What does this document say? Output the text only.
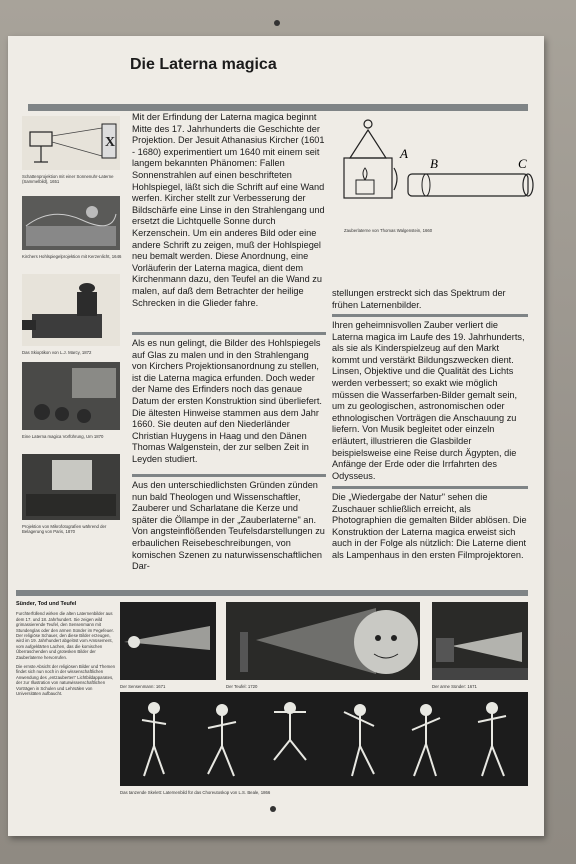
Die Laterna magica
X
Schattenprojektion mit einer Sonnenuhr-Laterne (Sammelbild), 1651
Kirchers Hohlspiegelprojektion mit Kerzenlicht, 1646
Das Skioptikon von L.J. Marcy, 1872
Eine Laterna magica Vorführung, Um 1870
Projektion von Mikrofotografien während der Belagerung von Paris, 1870

Mit der Erfindung der Laterna magica beginnt Mitte des 17. Jahrhunderts die Geschichte der Projektion. Der Jesuit Athanasius Kircher (1601 - 1680) experimentiert um 1640 mit einem seit langem bekannten Phänomen: Fallen Sonnenstrahlen auf einen beschrifteten Hohlspiegel, läßt sich die Schrift auf eine Wand werfen. Kircher stellt zur Verbesserung der Bildschärfe eine Linse in den Strahlengang und ersetzt die Lichtquelle Sonne durch Kerzenschein. Um ein anderes Bild oder eine andere Schrift zu zeigen, muß der Hohlspiegel neu bemalt werden. Diese Anordnung, eine Vorläuferin der Laterna magica, dient dem Kirchenmann dazu, den Teufel an die Wand zu malen, auf daß dem Betrachter der heilige Schrecken in die Glieder fahre.

Als es nun gelingt, die Bilder des Hohlspiegels auf Glas zu malen und in den Strahlengang von Kirchers Projektionsanordnung zu stellen, ist die Laterna magica erfunden. Doch weder der Name des Erfinders noch das genaue Datum der ersten Konstruktion sind überliefert. Die ältesten Hinweise stammen aus dem Jahr 1660. Sie deuten auf den Niederländer Christian Huygens in Haag und den Dänen Thomas Walgenstein, der zur selben Zeit in Leyden studiert.

Aus den unterschiedlichsten Gründen zünden nun bald Theologen und Wissenschaftler, Zauberer und Scharlatane die Kerze und später die Öllampe in der „Zauberlaterne" an. Von angsteinflößenden Teufelsdarstellungen zu erbaulichen Reisebeschreibungen, von komischen Szenen zu naturwissenschaftlichen Dar-

A
B	C
Zauberlaterne von Thomas Walgenstein, 1660

stellungen erstreckt sich das Spektrum der frühen Laternenbilder.

Ihren geheimnisvollen Zauber verliert die Laterna magica im Laufe des 19. Jahrhunderts, als sie als Kinderspielzeug auf den Markt kommt und verstärkt Bildungszwecken dient. Linsen, Objektive und die Qualität des Lichts werden verbessert; so exakt wie möglich müssen die Wasserfarben-Bilder gemalt sein, um zu geologischen, astronomischen oder ethnologischen Vorträgen die Anschauung zu liefern. Von Musik begleitet oder einzeln erläutert, illustrieren die Glasbilder beispielsweise eine Reise durch Ägypten, die Anfänge der Erde oder die Irrfahrten des Odysseus.

Die „Wiedergabe der Natur" sehen die Zuschauer schließlich erreicht, als Photographien die gemalten Bilder ablösen. Die Konstruktion der Laterna magica erweist sich auch in der Folge als nützlich: Die Laterne dient als Lampenhaus in den ersten Filmprojektoren.

Sünder, Tod und Teufel

Furchterfüllend wirken die alten Laternenbilder aus dem 17. und 18. Jahrhundert. Sie zeigen wild grimassierende Teufel, den Sensenmann mit Stundenglas oder den armen Sünder im Fegefeuer. Der religiöse Schauer, den diese Bilder erzeugen, wird im 19. Jahrhundert abgelöst vom Amüsement, vom aufgeklärten Lachen, das die komischen Überraschenden und grotesken Bilder der Zauberlaterne hervorrufen.

Die ernste Absicht der religiösen Bilder und Themen findet sich nun noch in der wissenschaftlichen Anwendung des „entzauberten" Lichtbildapparates, der zur Illustration von naturwissenschaftlichen Vorträgen in Schulen und Lehrsälen von Universitäten aufbaucht.

Der Sensenmann: 1671	Der Teufel: 1720	Der arme Sünder: 1671
Das tanzende Skelett: Laternenbild für das Choreutoskop von L.S. Beale, 1866
